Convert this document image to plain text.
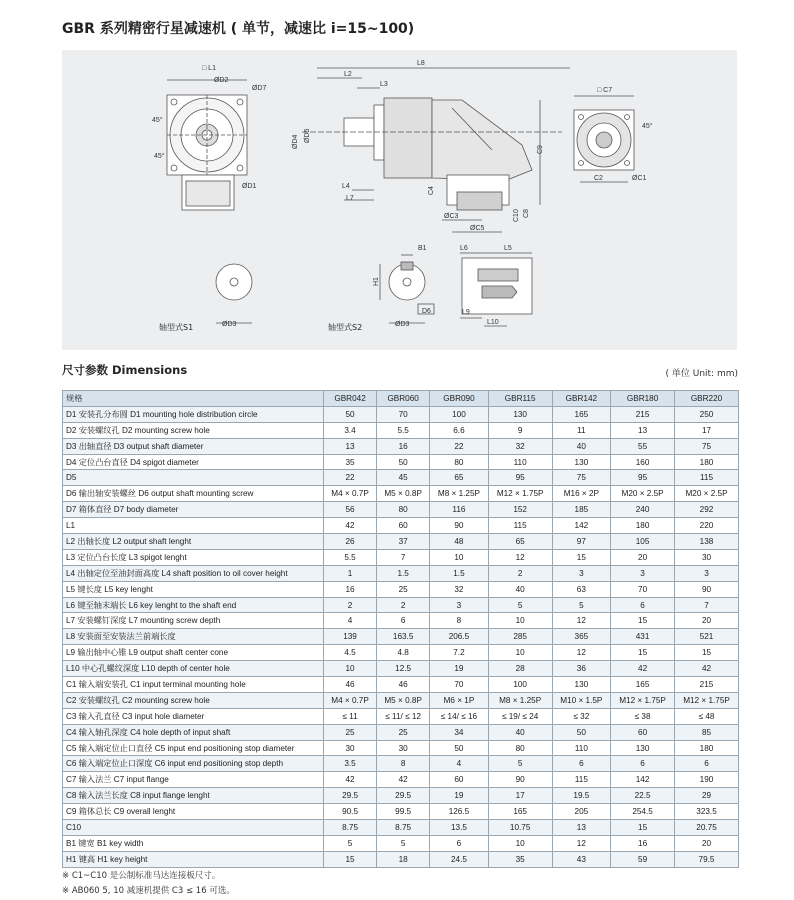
GBR 系列精密行星减速机 ( 单节，减速比 i=15~100)
□ L1
ØD2
ØD7
45°
45°
ØD1
L8
L2
L3
ØD4 ØD5
L4
L7
C4
ØC3
ØC5
C9
C10 C8
□ C7
45°
C2	ØC1
ØD3
轴型式S1
H1
B1
ØD3
轴型式S2
D6
L6	L5
L9
L10
尺寸参数 Dimensions	( 单位 Unit: mm)
规格	GBR042	GBR060	GBR090	GBR115	GBR142	GBR180	GBR220
D1 安装孔分布圆 D1 mounting hole distribution circle	50	70	100	130	165	215	250
D2 安装螺纹孔 D2 mounting screw hole	3.4	5.5	6.6	9	11	13	17
D3 出轴直径 D3 output shaft diameter	13	16	22	32	40	55	75
D4 定位凸台直径 D4 spigot diameter	35	50	80	110	130	160	180
D5	22	45	65	95	75	95	115
D6 输出轴安装螺丝 D6 output shaft mounting screw	M4 × 0.7P	M5 × 0.8P	M8 × 1.25P	M12 × 1.75P	M16 × 2P	M20 × 2.5P	M20 × 2.5P
D7 箱体直径 D7 body diameter	56	80	116	152	185	240	292
L1	42	60	90	115	142	180	220
L2 出轴长度 L2 output shaft lenght	26	37	48	65	97	105	138
L3 定位凸台长度 L3 spigot lenght	5.5	7	10	12	15	20	30
L4 出轴定位至油封面高度 L4 shaft position to oil cover height	1	1.5	1.5	2	3	3	3
L5 键长度 L5 key lenght	16	25	32	40	63	70	90
L6 键至轴末端长 L6 key lenght to the shaft end	2	2	3	5	5	6	7
L7 安装螺钉深度 L7 mounting screw depth	4	6	8	10	12	15	20
L8 安装面至安装法兰前端长度	139	163.5	206.5	285	365	431	521
L9 输出轴中心锥 L9 output shaft center cone	4.5	4.8	7.2	10	12	15	15
L10 中心孔螺纹深度 L10 depth of center hole	10	12.5	19	28	36	42	42
C1 输入端安装孔 C1 input terminal mounting hole	46	46	70	100	130	165	215
C2 安装螺纹孔 C2 mounting screw hole	M4 × 0.7P	M5 × 0.8P	M6 × 1P	M8 × 1.25P	M10 × 1.5P	M12 × 1.75P	M12 × 1.75P
C3 输入孔直径 C3 input hole diameter	≤ 11	≤ 11/ ≤ 12	≤ 14/ ≤ 16	≤ 19/ ≤ 24	≤ 32	≤ 38	≤ 48
C4 输入轴孔深度 C4 hole depth of input shaft	25	25	34	40	50	60	85
C5 输入端定位止口直径 C5 input end positioning stop diameter	30	30	50	80	110	130	180
C6 输入端定位止口深度 C6 input end positioning stop depth	3.5	8	4	5	6	6	6
C7 输入法兰 C7 input flange	42	42	60	90	115	142	190
C8 输入法兰长度 C8 input flange lenght	29.5	29.5	19	17	19.5	22.5	29
C9 箱体总长 C9 overall lenght	90.5	99.5	126.5	165	205	254.5	323.5
C10	8.75	8.75	13.5	10.75	13	15	20.75
B1 键宽 B1 key width	5	5	6	10	12	16	20
H1 键高 H1 key height	15	18	24.5	35	43	59	79.5
※ C1~C10 是公制标准马达连接板尺寸。
※ AB060 5, 10 减速机提供 C3 ≤ 16 可选。
